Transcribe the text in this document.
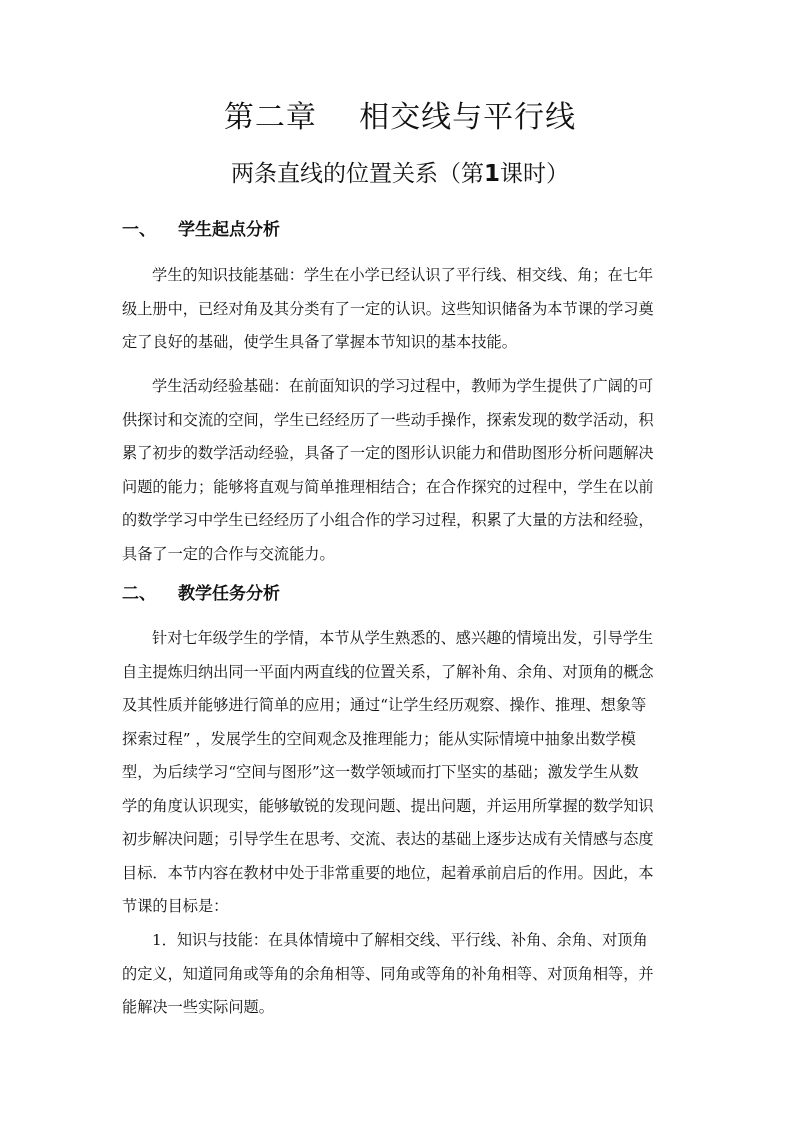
第二章    相交线与平行线
两条直线的位置关系（第1课时）
一、 学生起点分析
学生的知识技能基础：学生在小学已经认识了平行线、相交线、角；在七年
级上册中，已经对角及其分类有了一定的认识。这些知识储备为本节课的学习奠
定了良好的基础，使学生具备了掌握本节知识的基本技能。
学生活动经验基础：在前面知识的学习过程中，教师为学生提供了广阔的可
供探讨和交流的空间，学生已经经历了一些动手操作，探索发现的数学活动，积
累了初步的数学活动经验，具备了一定的图形认识能力和借助图形分析问题解决
问题的能力；能够将直观与简单推理相结合；在合作探究的过程中，学生在以前
的数学学习中学生已经经历了小组合作的学习过程，积累了大量的方法和经验，
具备了一定的合作与交流能力。
二、 教学任务分析
针对七年级学生的学情，本节从学生熟悉的、感兴趣的情境出发，引导学生
自主提炼归纳出同一平面内两直线的位置关系，了解补角、余角、对顶角的概念
及其性质并能够进行简单的应用；通过“让学生经历观察、操作、推理、想象等
探索过程” ，发展学生的空间观念及推理能力；能从实际情境中抽象出数学模
型，为后续学习“空间与图形”这一数学领域而打下坚实的基础；激发学生从数
学的角度认识现实，能够敏锐的发现问题、提出问题，并运用所掌握的数学知识
初步解决问题；引导学生在思考、交流、表达的基础上逐步达成有关情感与态度
目标．本节内容在教材中处于非常重要的地位，起着承前启后的作用。因此，本
节课的目标是：
1．知识与技能：在具体情境中了解相交线、平行线、补角、余角、对顶角
的定义，知道同角或等角的余角相等、同角或等角的补角相等、对顶角相等，并
能解决一些实际问题。
